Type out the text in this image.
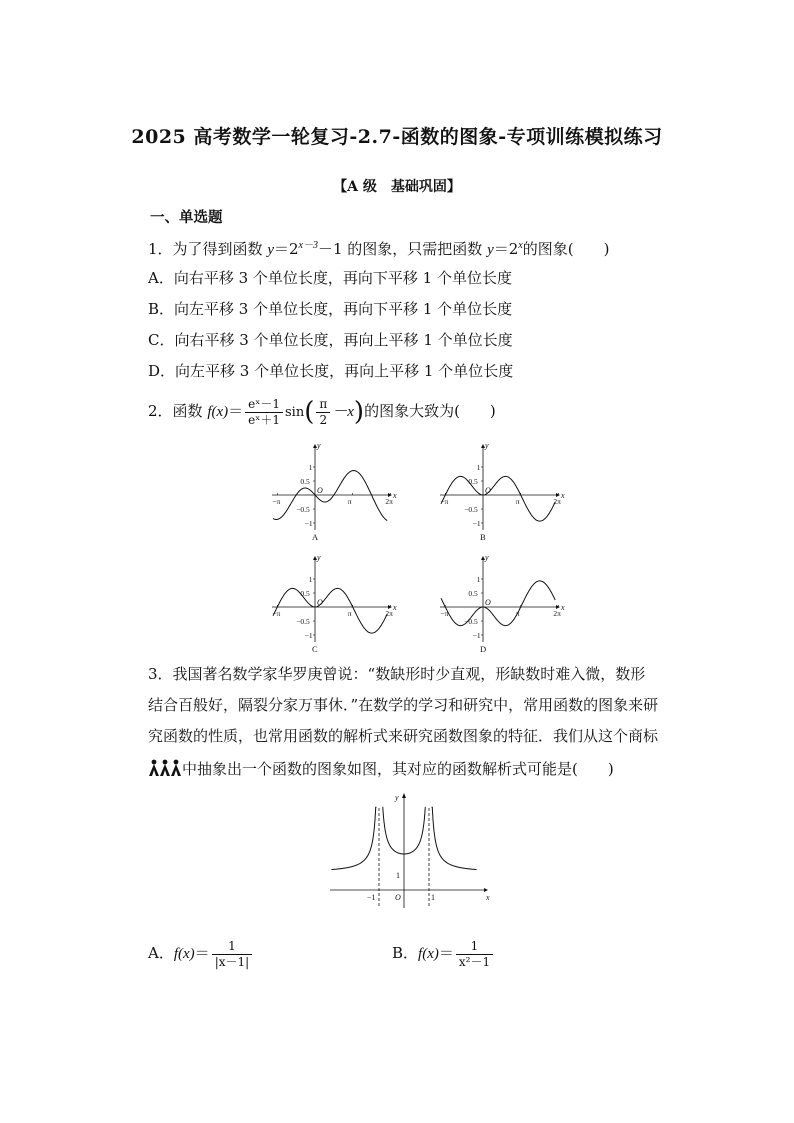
2025 高考数学一轮复习-2.7-函数的图象-专项训练模拟练习
【A 级　基础巩固】
一、单选题
1．为了得到函数 $y=2^{x-3}-1$ 的图象，只需把函数 $y=2^x$的图象(　　)
A．向右平移 3 个单位长度，再向下平移 1 个单位长度
B．向左平移 3 个单位长度，再向下平移 1 个单位长度
C．向右平移 3 个单位长度，再向上平移 1 个单位长度
D．向左平移 3 个单位长度，再向上平移 1 个单位长度
2．函数 $f(x)= \frac{\text{eˣ－1}}{\text{eˣ＋1}} \sin( \frac{\pi}{2} -x)$的图象大致为(　　)
x
y
O
1
0.5
−0.5
−1
−π	π	2π
A
x
y
O
1
0.5
−0.5
−1
−π	π	2π
B
x
y
O
1
0.5
−0.5
−1
−π	π	2π
C
x
y
O
1
0.5
−0.5
−1
−π	π	2π
D
3．我国著名数学家华罗庚曾说：“数缺形时少直观，形缺数时难入微，数形
结合百般好，隔裂分家万事休．”在数学的学习和研究中，常用函数的图象来研
究函数的性质，也常用函数的解析式来研究函数图象的特征．我们从这个商标
中抽象出一个函数的图象如图，其对应的函数解析式可能是(　　)
x
y
O
−1	1
1
A．$f(x)= \frac{1}{|x-1|}$	B．$f(x)= \frac{1}{\text{x²－1}}$
